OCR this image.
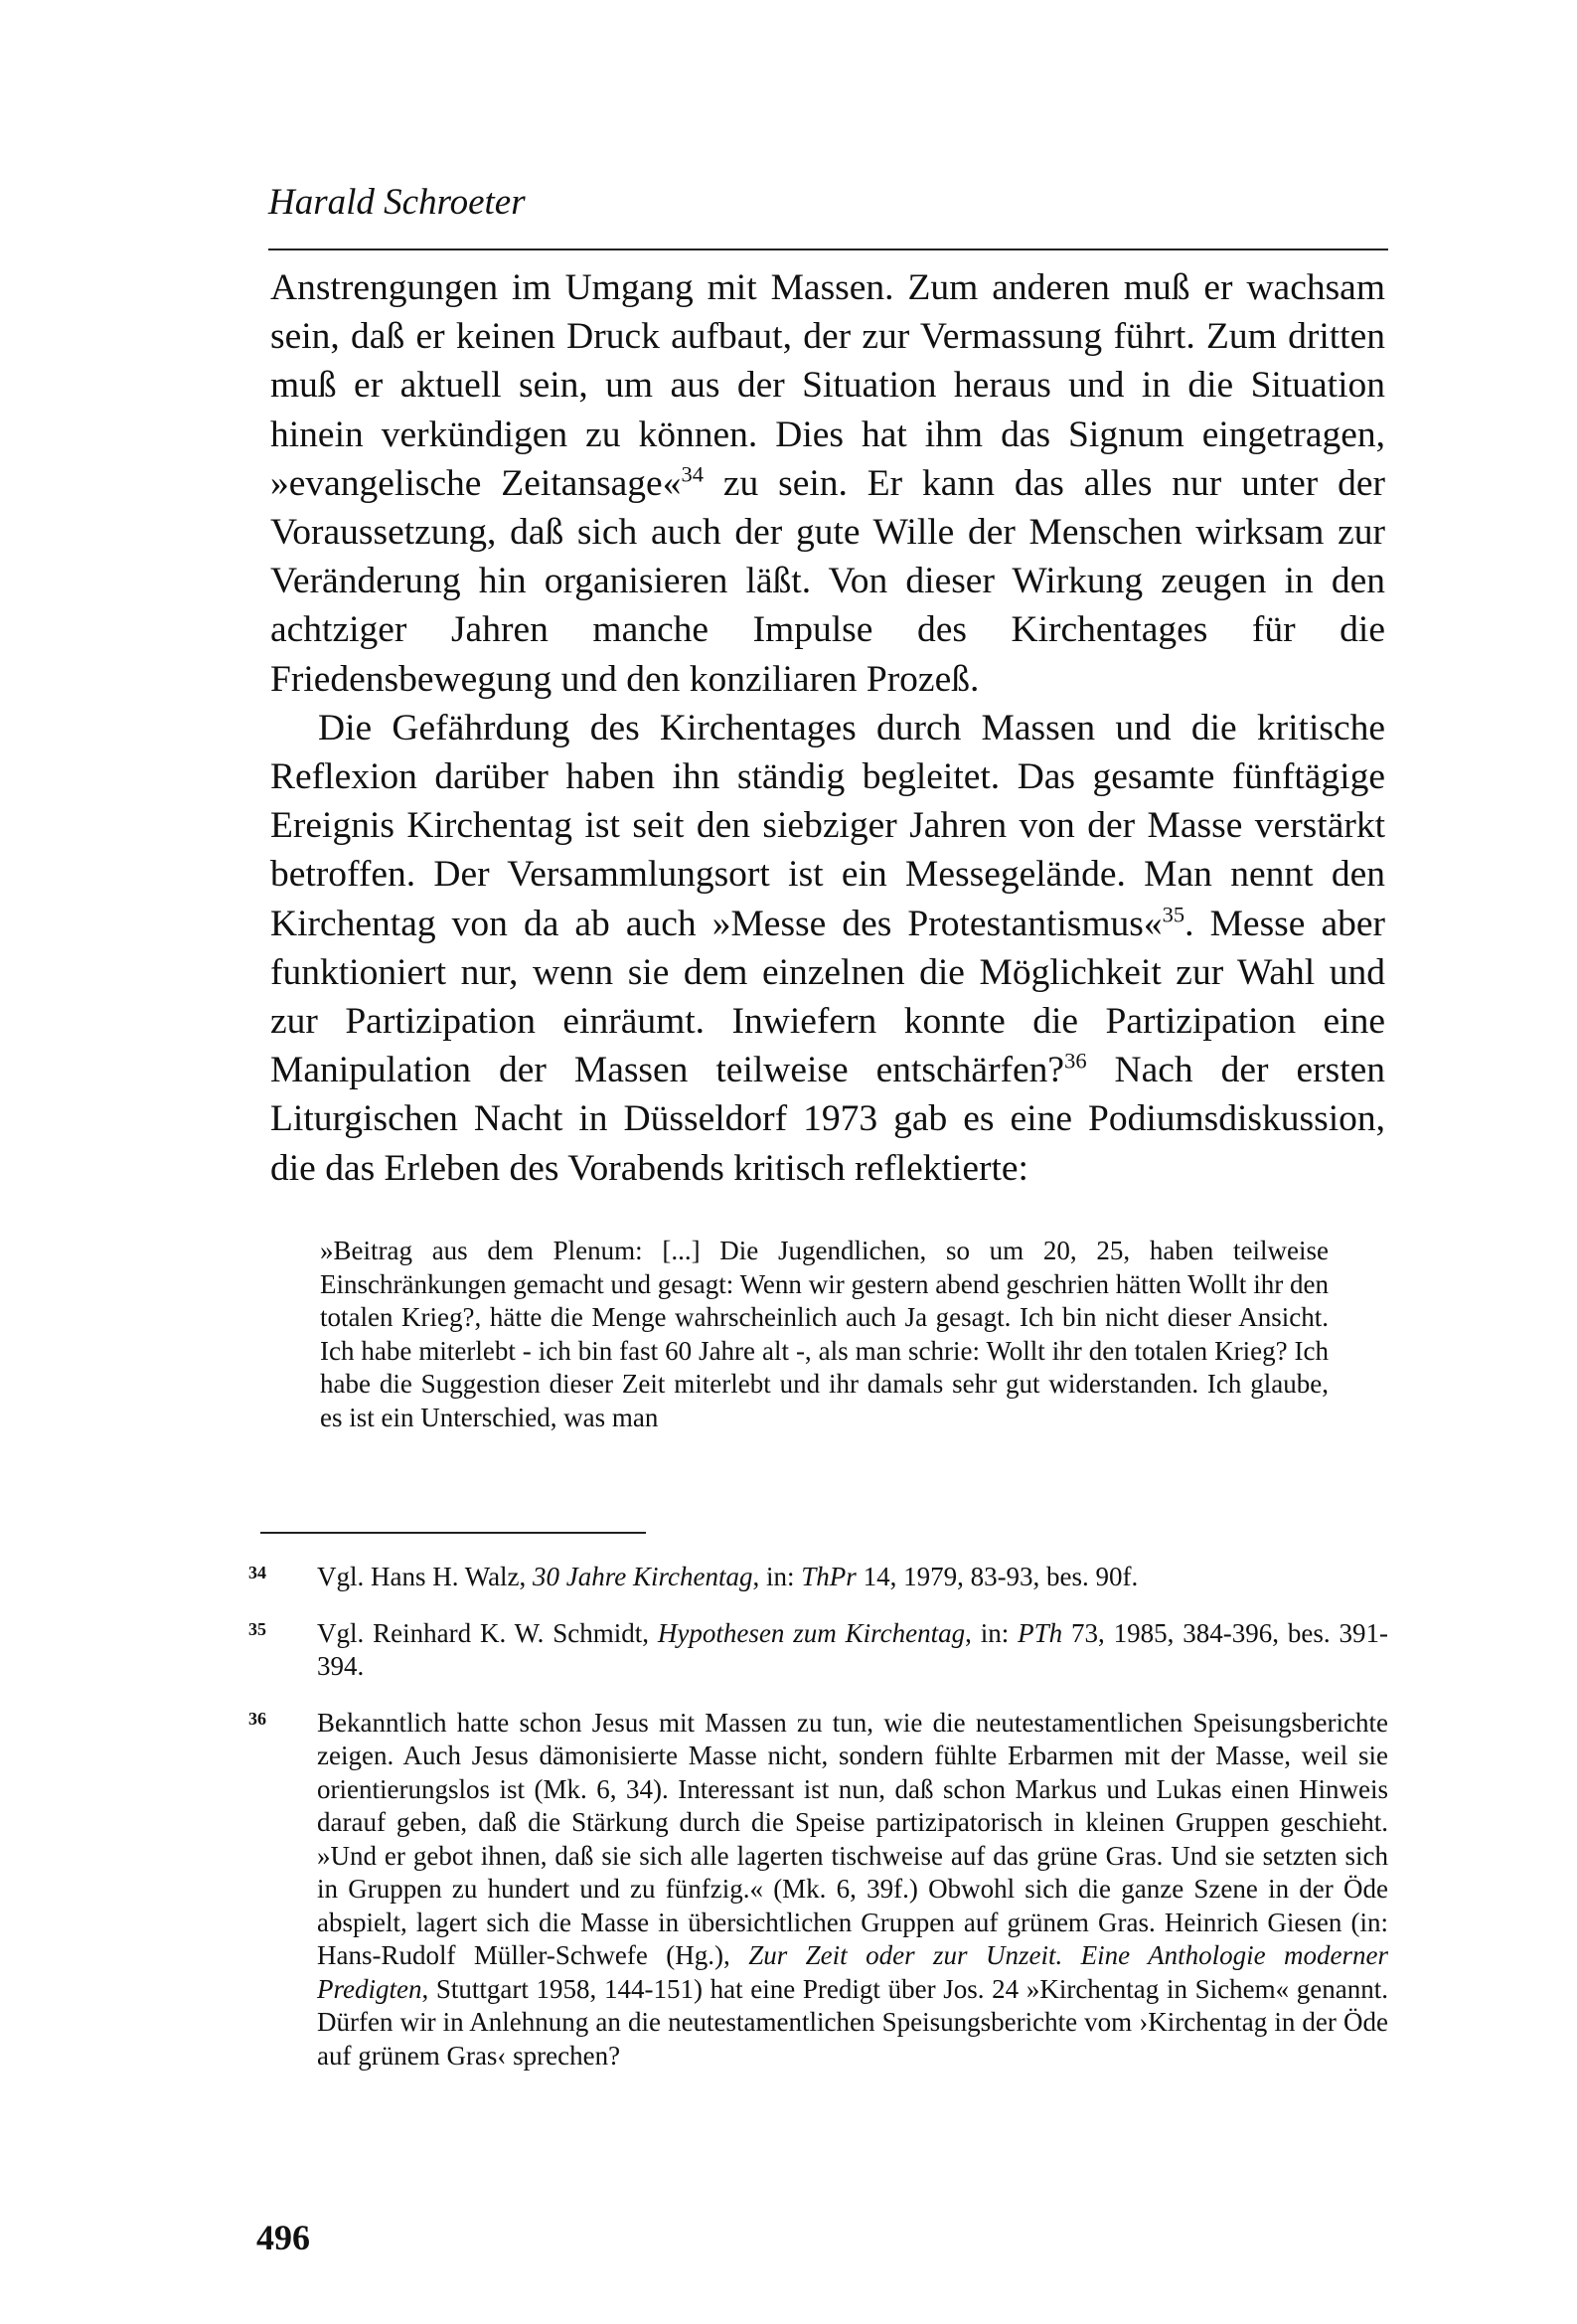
Harald Schroeter

Anstrengungen im Umgang mit Massen. Zum anderen muß er wachsam sein, daß er keinen Druck aufbaut, der zur Vermassung führt. Zum dritten muß er aktuell sein, um aus der Situation heraus und in die Situation hinein verkündigen zu können. Dies hat ihm das Signum eingetragen, »evangelische Zeitansage«$^{34}$ zu sein. Er kann das alles nur unter der Voraussetzung, daß sich auch der gute Wille der Menschen wirksam zur Veränderung hin organisieren läßt. Von dieser Wirkung zeugen in den achtziger Jahren manche Impulse des Kirchentages für die Friedensbewegung und den konziliaren Prozeß.

Die Gefährdung des Kirchentages durch Massen und die kritische Reflexion darüber haben ihn ständig begleitet. Das gesamte fünftägige Ereignis Kirchentag ist seit den siebziger Jahren von der Masse verstärkt betroffen. Der Versammlungsort ist ein Messegelände. Man nennt den Kirchentag von da ab auch »Messe des Protestantismus«$^{35}$. Messe aber funktioniert nur, wenn sie dem einzelnen die Möglichkeit zur Wahl und zur Partizipation einräumt. Inwiefern konnte die Partizipation eine Manipulation der Massen teilweise entschärfen?$^{36}$ Nach der ersten Liturgischen Nacht in Düsseldorf 1973 gab es eine Podiumsdiskussion, die das Erleben des Vorabends kritisch reflektierte:

»Beitrag aus dem Plenum: [...] Die Jugendlichen, so um 20, 25, haben teilweise Einschränkungen gemacht und gesagt: Wenn wir gestern abend geschrien hätten Wollt ihr den totalen Krieg?, hätte die Menge wahrscheinlich auch Ja gesagt. Ich bin nicht dieser Ansicht. Ich habe miterlebt - ich bin fast 60 Jahre alt -, als man schrie: Wollt ihr den totalen Krieg? Ich habe die Suggestion dieser Zeit miterlebt und ihr damals sehr gut widerstanden. Ich glaube, es ist ein Unterschied, was man
34 Vgl. Hans H. Walz, 30 Jahre Kirchentag, in: ThPr 14, 1979, 83-93, bes. 90f.
35 Vgl. Reinhard K. W. Schmidt, Hypothesen zum Kirchentag, in: PTh 73, 1985, 384-396, bes. 391-394.
36 Bekanntlich hatte schon Jesus mit Massen zu tun, wie die neutestamentlichen Speisungsberichte zeigen. Auch Jesus dämonisierte Masse nicht, sondern fühlte Erbarmen mit der Masse, weil sie orientierungslos ist (Mk. 6, 34). Interessant ist nun, daß schon Markus und Lukas einen Hinweis darauf geben, daß die Stärkung durch die Speise partizipatorisch in kleinen Gruppen geschieht. »Und er gebot ihnen, daß sie sich alle lagerten tischweise auf das grüne Gras. Und sie setzten sich in Gruppen zu hundert und zu fünfzig.« (Mk. 6, 39f.) Obwohl sich die ganze Szene in der Öde abspielt, lagert sich die Masse in übersichtlichen Gruppen auf grünem Gras. Heinrich Giesen (in: Hans-Rudolf Müller-Schwefe (Hg.), Zur Zeit oder zur Unzeit. Eine Anthologie moderner Predigten, Stuttgart 1958, 144-151) hat eine Predigt über Jos. 24 »Kirchentag in Sichem« genannt. Dürfen wir in Anlehnung an die neutestamentlichen Speisungsberichte vom ›Kirchentag in der Öde auf grünem Gras‹ sprechen?
496
